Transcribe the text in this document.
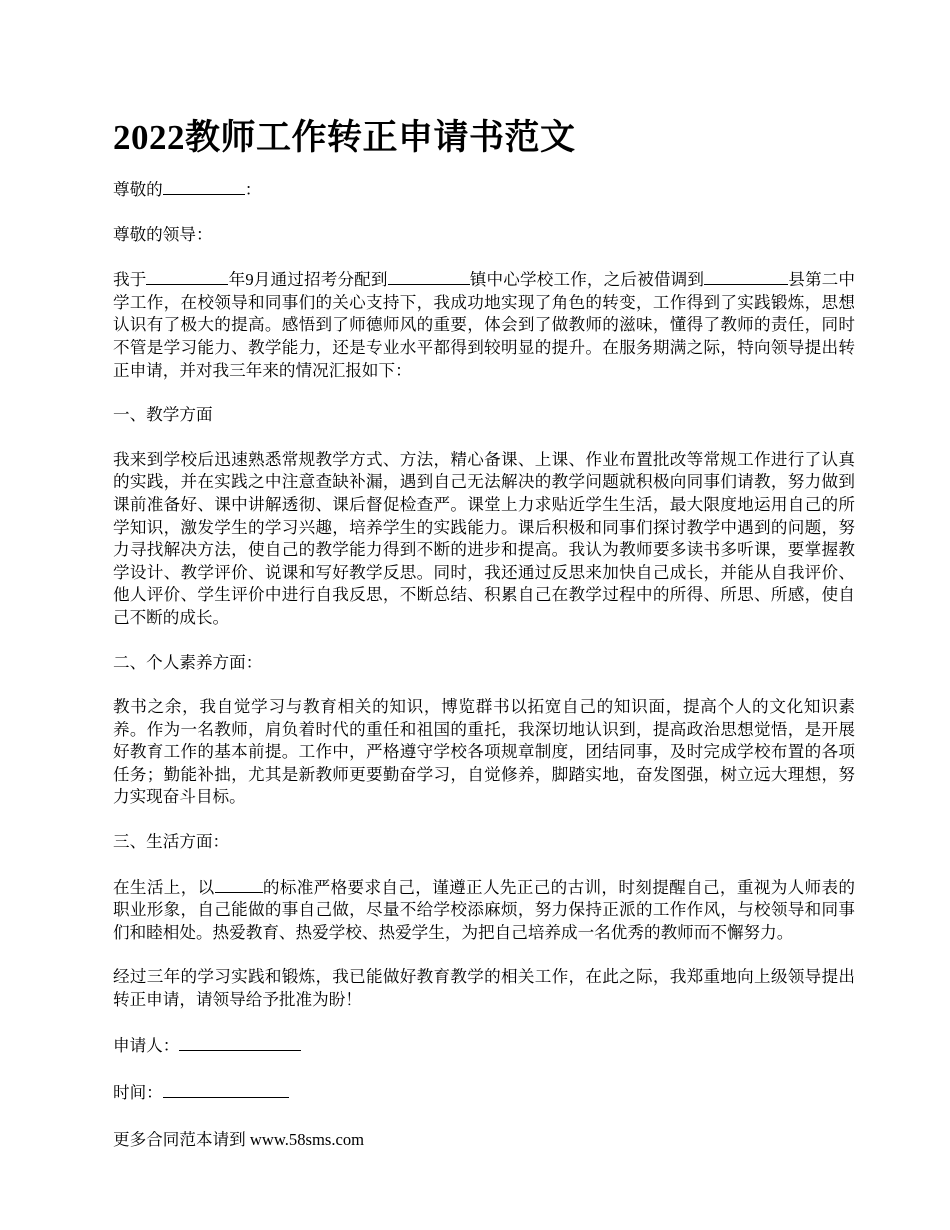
2022教师工作转正申请书范文

尊敬的	：

尊敬的领导：

我于	年9月通过招考分配到	镇中心学校工作，之后被借调到	县第二中学工作，在校领导和同事们的关心支持下，我成功地实现了角色的转变，工作得到了实践锻炼，思想认识有了极大的提高。感悟到了师德师风的重要，体会到了做教师的滋味，懂得了教师的责任，同时不管是学习能力、教学能力，还是专业水平都得到较明显的提升。在服务期满之际，特向领导提出转正申请，并对我三年来的情况汇报如下：

一、教学方面

我来到学校后迅速熟悉常规教学方式、方法，精心备课、上课、作业布置批改等常规工作进行了认真的实践，并在实践之中注意查缺补漏，遇到自己无法解决的教学问题就积极向同事们请教，努力做到课前准备好、课中讲解透彻、课后督促检查严。课堂上力求贴近学生生活，最大限度地运用自己的所学知识，激发学生的学习兴趣，培养学生的实践能力。课后积极和同事们探讨教学中遇到的问题，努力寻找解决方法，使自己的教学能力得到不断的进步和提高。我认为教师要多读书多听课，要掌握教学设计、教学评价、说课和写好教学反思。同时，我还通过反思来加快自己成长，并能从自我评价、他人评价、学生评价中进行自我反思，不断总结、积累自己在教学过程中的所得、所思、所感，使自己不断的成长。

二、个人素养方面：

教书之余，我自觉学习与教育相关的知识，博览群书以拓宽自己的知识面，提高个人的文化知识素养。作为一名教师，肩负着时代的重任和祖国的重托，我深切地认识到，提高政治思想觉悟，是开展好教育工作的基本前提。工作中，严格遵守学校各项规章制度，团结同事，及时完成学校布置的各项任务；勤能补拙，尤其是新教师更要勤奋学习，自觉修养，脚踏实地，奋发图强，树立远大理想，努力实现奋斗目标。

三、生活方面：

在生活上，以	的标准严格要求自己，谨遵正人先正己的古训，时刻提醒自己，重视为人师表的职业形象，自己能做的事自己做，尽量不给学校添麻烦，努力保持正派的工作作风，与校领导和同事们和睦相处。热爱教育、热爱学校、热爱学生，为把自己培养成一名优秀的教师而不懈努力。

经过三年的学习实践和锻炼，我已能做好教育教学的相关工作，在此之际，我郑重地向上级领导提出转正申请，请领导给予批准为盼！

申请人：

时间：

更多合同范本请到 www.58sms.com
